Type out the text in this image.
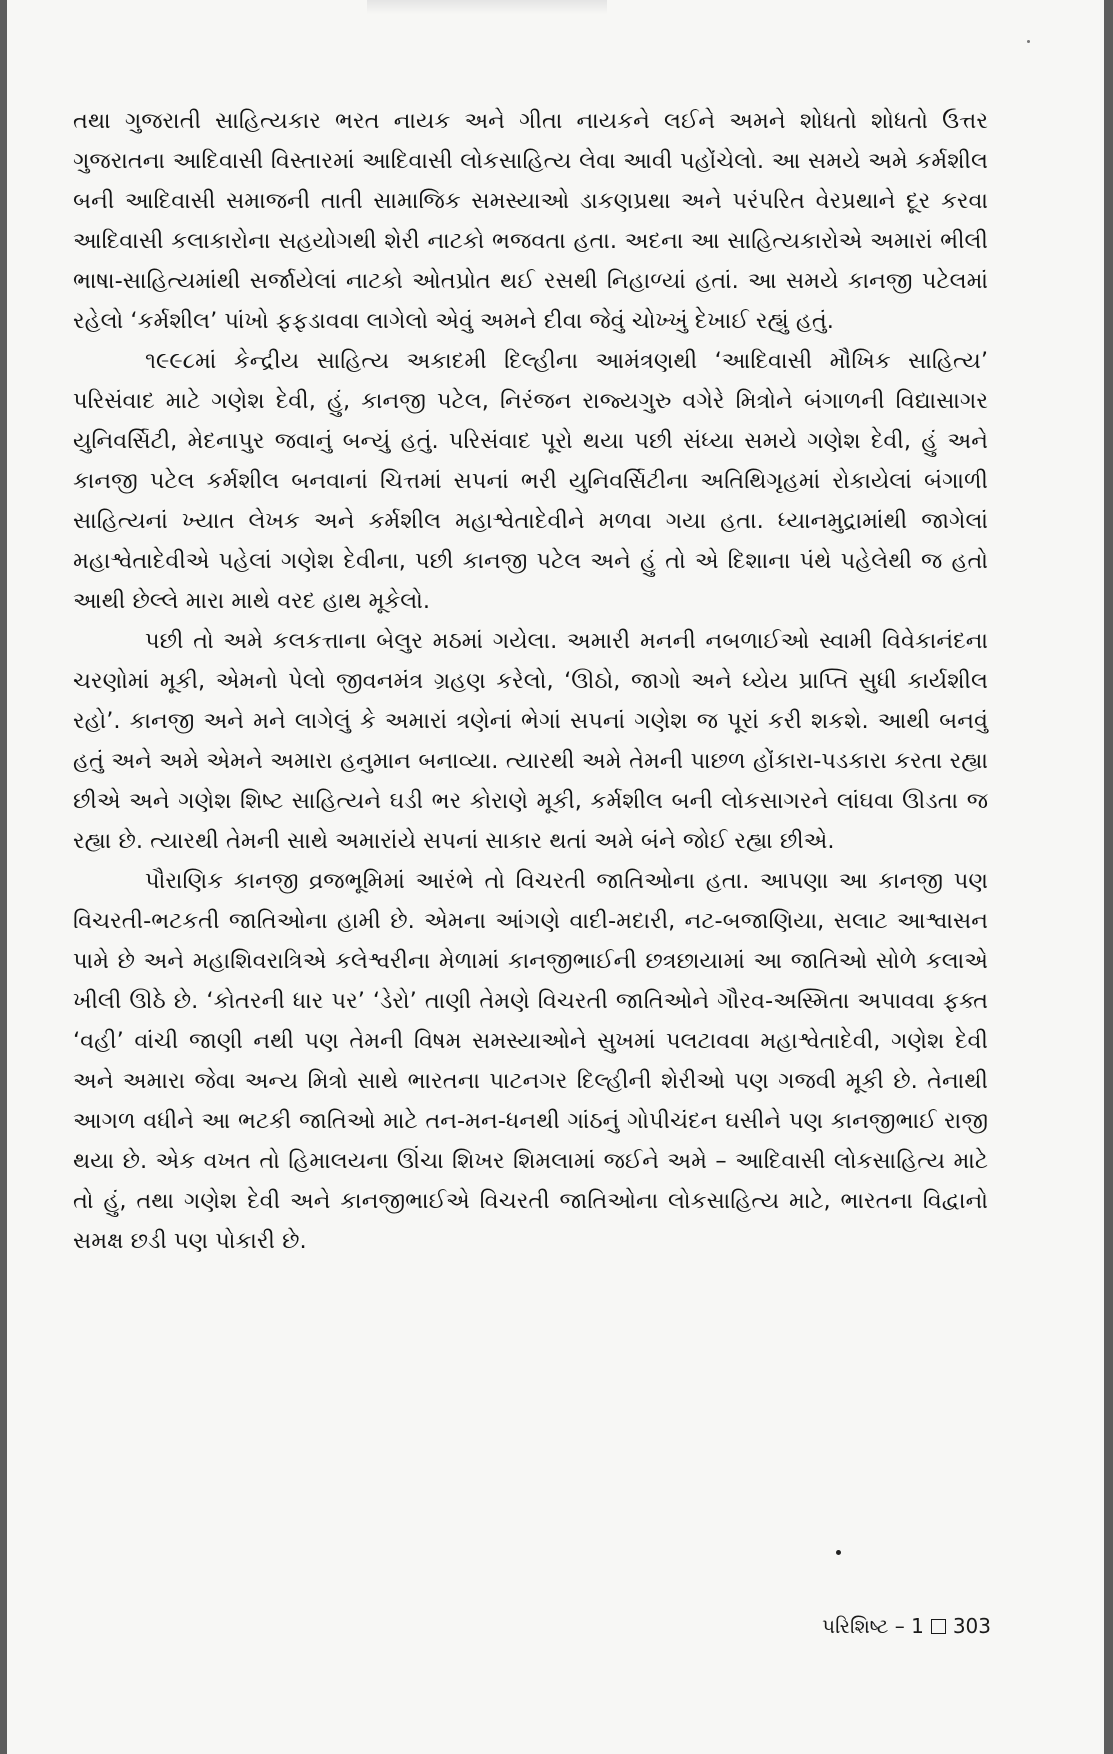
તથા ગુજરાતી સાહિત્યકાર ભરત નાયક અને ગીતા નાયકને લઈને અમને શોધતો શોધતો ઉત્તર ગુજરાતના આદિવાસી વિસ્તારમાં આદિવાસી લોકસાહિત્ય લેવા આવી પહોંચેલો. આ સમયે અમે કર્મશીલ બની આદિવાસી સમાજની તાતી સામાજિક સમસ્યાઓ ડાકણપ્રથા અને પરંપરિત વેરપ્રથાને દૂર કરવા આદિવાસી કલાકારોના સહયોગથી શેરી નાટકો ભજવતા હતા. અદના આ સાહિત્યકારોએ અમારાં ભીલી ભાષા-સાહિત્યમાંથી સર્જાયેલાં નાટકો ઓતપ્રોત થઈ રસથી નિહાળ્યાં હતાં. આ સમયે કાનજી પટેલમાં રહેલો ‘કર્મશીલ’ પાંખો ફફડાવવા લાગેલો એવું અમને દીવા જેવું ચોખ્ખું દેખાઈ રહ્યું હતું.

૧૯૯૮માં કેન્દ્રીય સાહિત્ય અકાદમી દિલ્હીના આમંત્રણથી ‘આદિવાસી મૌખિક સાહિત્ય’ પરિસંવાદ માટે ગણેશ દેવી, હું, કાનજી પટેલ, નિરંજન રાજ્યગુરુ વગેરે મિત્રોને બંગાળની વિદ્યાસાગર યુનિવર્સિટી, મેદનાપુર જવાનું બન્યું હતું. પરિસંવાદ પૂરો થયા પછી સંધ્યા સમયે ગણેશ દેવી, હું અને કાનજી પટેલ કર્મશીલ બનવાનાં ચિત્તમાં સપનાં ભરી યુનિવર્સિટીના અતિથિગૃહમાં રોકાયેલાં બંગાળી સાહિત્યનાં ખ્યાત લેખક અને કર્મશીલ મહાશ્વેતાદેવીને મળવા ગયા હતા. ધ્યાનમુદ્રામાંથી જાગેલાં મહાશ્વેતાદેવીએ પહેલાં ગણેશ દેવીના, પછી કાનજી પટેલ અને હું તો એ દિશાના પંથે પહેલેથી જ હતો આથી છેલ્લે મારા માથે વરદ હાથ મૂકેલો.

પછી તો અમે કલકત્તાના બેલુર મઠમાં ગયેલા. અમારી મનની નબળાઈઓ સ્વામી વિવેકાનંદના ચરણોમાં મૂકી, એમનો પેલો જીવનમંત્ર ગ્રહણ કરેલો, ‘ઊઠો, જાગો અને ધ્યેય પ્રાપ્તિ સુધી કાર્યશીલ રહો’. કાનજી અને મને લાગેલું કે અમારાં ત્રણેનાં ભેગાં સપનાં ગણેશ જ પૂરાં કરી શકશે. આથી બનવું હતું અને અમે એમને અમારા હનુમાન બનાવ્યા. ત્યારથી અમે તેમની પાછળ હોંકારા-પડકારા કરતા રહ્યા છીએ અને ગણેશ શિષ્ટ સાહિત્યને ઘડી ભર કોરાણે મૂકી, કર્મશીલ બની લોકસાગરને લાંઘવા ઊડતા જ રહ્યા છે. ત્યારથી તેમની સાથે અમારાંયે સપનાં સાકાર થતાં અમે બંને જોઈ રહ્યા છીએ.

પૌરાણિક કાનજી વ્રજભૂમિમાં આરંભે તો વિચરતી જાતિઓના હતા. આપણા આ કાનજી પણ વિચરતી-ભટકતી જાતિઓના હામી છે. એમના આંગણે વાદી-મદારી, નટ-બજાણિયા, સલાટ આશ્વાસન પામે છે અને મહાશિવરાત્રિએ કલેશ્વરીના મેળામાં કાનજીભાઈની છત્રછાયામાં આ જાતિઓ સોળે કલાએ ખીલી ઊઠે છે. ‘કોતરની ધાર પર’ ‘ડેરો’ તાણી તેમણે વિચરતી જાતિઓને ગૌરવ-અસ્મિતા અપાવવા ફક્ત ‘વહી’ વાંચી જાણી નથી પણ તેમની વિષમ સમસ્યાઓને સુખમાં પલટાવવા મહાશ્વેતાદેવી, ગણેશ દેવી અને અમારા જેવા અન્ય મિત્રો સાથે ભારતના પાટનગર દિલ્હીની શેરીઓ પણ ગજવી મૂકી છે. તેનાથી આગળ વધીને આ ભટકી જાતિઓ માટે તન-મન-ધનથી ગાંઠનું ગોપીચંદન ઘસીને પણ કાનજીભાઈ રાજી થયા છે. એક વખત તો હિમાલયના ઊંચા શિખર શિમલામાં જઈને અમે – આદિવાસી લોકસાહિત્ય માટે તો હું, તથા ગણેશ દેવી અને કાનજીભાઈએ વિચરતી જાતિઓના લોકસાહિત્ય માટે, ભારતના વિદ્વાનો સમક્ષ છડી પણ પોકારી છે.

પરિશિષ્ટ – 1 303
